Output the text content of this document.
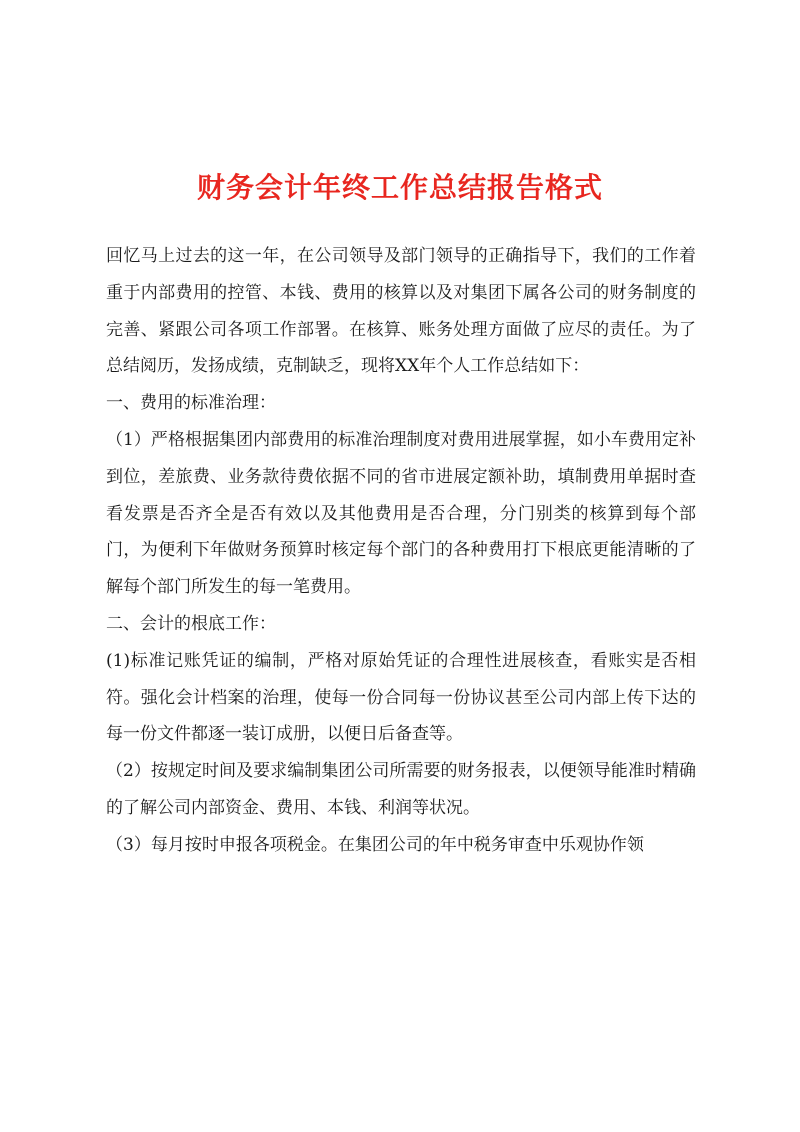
财务会计年终工作总结报告格式

回忆马上过去的这一年，在公司领导及部门领导的正确指导下，我们的工作着重于内部费用的控管、本钱、费用的核算以及对集团下属各公司的财务制度的完善、紧跟公司各项工作部署。在核算、账务处理方面做了应尽的责任。为了总结阅历，发扬成绩，克制缺乏，现将XX年个人工作总结如下：

一、费用的标准治理：

（1）严格根据集团内部费用的标准治理制度对费用进展掌握，如小车费用定补到位，差旅费、业务款待费依据不同的省市进展定额补助，填制费用单据时查看发票是否齐全是否有效以及其他费用是否合理，分门别类的核算到每个部门，为便利下年做财务预算时核定每个部门的各种费用打下根底更能清晰的了解每个部门所发生的每一笔费用。

二、会计的根底工作：

(1)标准记账凭证的编制，严格对原始凭证的合理性进展核查，看账实是否相符。强化会计档案的治理，使每一份合同每一份协议甚至公司内部上传下达的每一份文件都逐一装订成册，以便日后备查等。

（2）按规定时间及要求编制集团公司所需要的财务报表，以便领导能准时精确的了解公司内部资金、费用、本钱、利润等状况。

（3）每月按时申报各项税金。在集团公司的年中税务审查中乐观协作领
